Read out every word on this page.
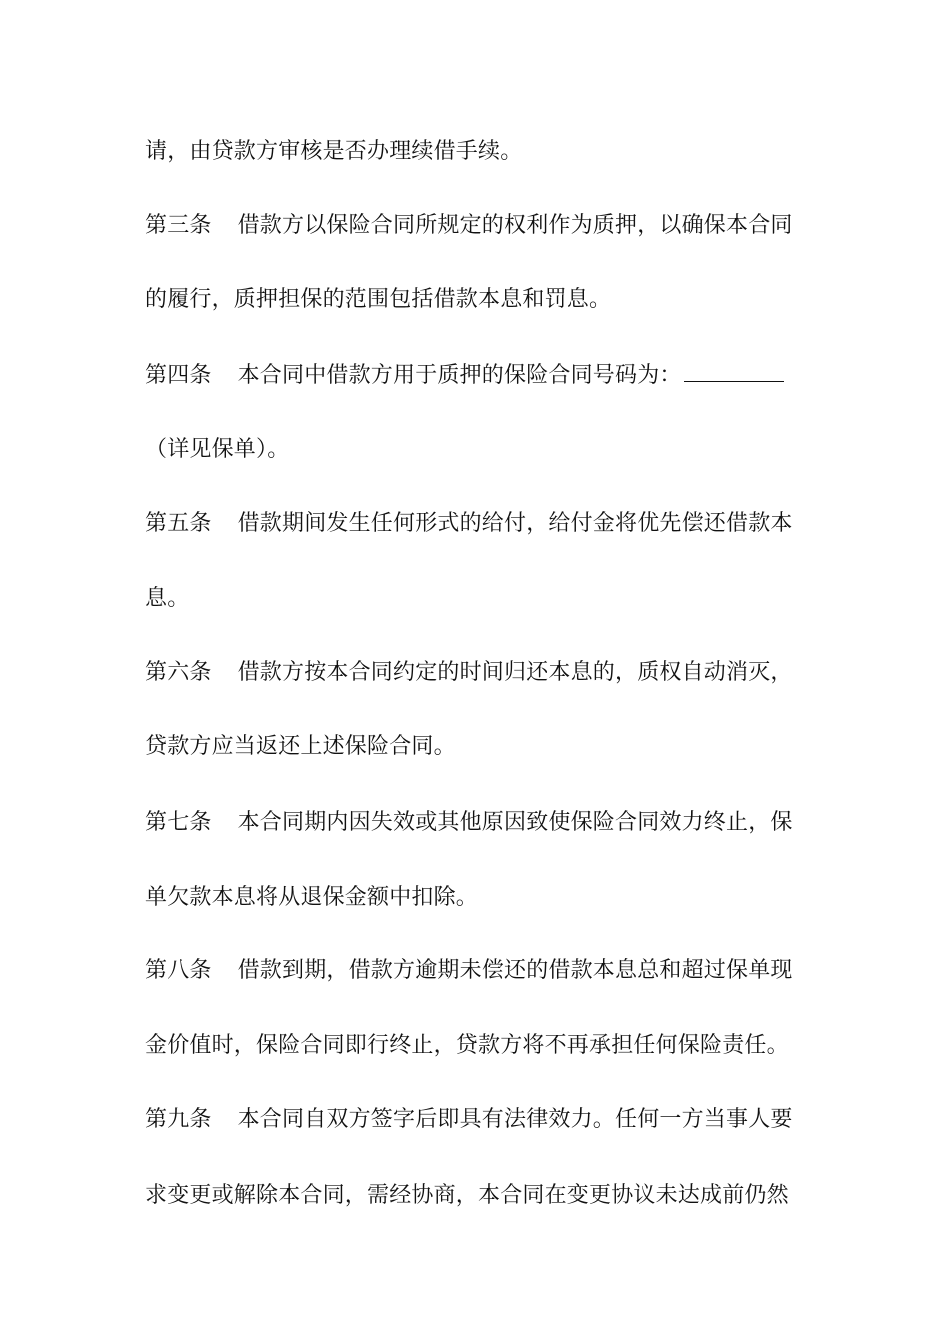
请，由贷款方审核是否办理续借手续。
第三条 借款方以保险合同所规定的权利作为质押，以确保本合同
的履行，质押担保的范围包括借款本息和罚息。
第四条 本合同中借款方用于质押的保险合同号码为：
（详见保单）。
第五条 借款期间发生任何形式的给付，给付金将优先偿还借款本
息。
第六条 借款方按本合同约定的时间归还本息的，质权自动消灭，
贷款方应当返还上述保险合同。
第七条 本合同期内因失效或其他原因致使保险合同效力终止，保
单欠款本息将从退保金额中扣除。
第八条 借款到期，借款方逾期未偿还的借款本息总和超过保单现
金价值时，保险合同即行终止，贷款方将不再承担任何保险责任。
第九条 本合同自双方签字后即具有法律效力。任何一方当事人要
求变更或解除本合同，需经协商，本合同在变更协议未达成前仍然
